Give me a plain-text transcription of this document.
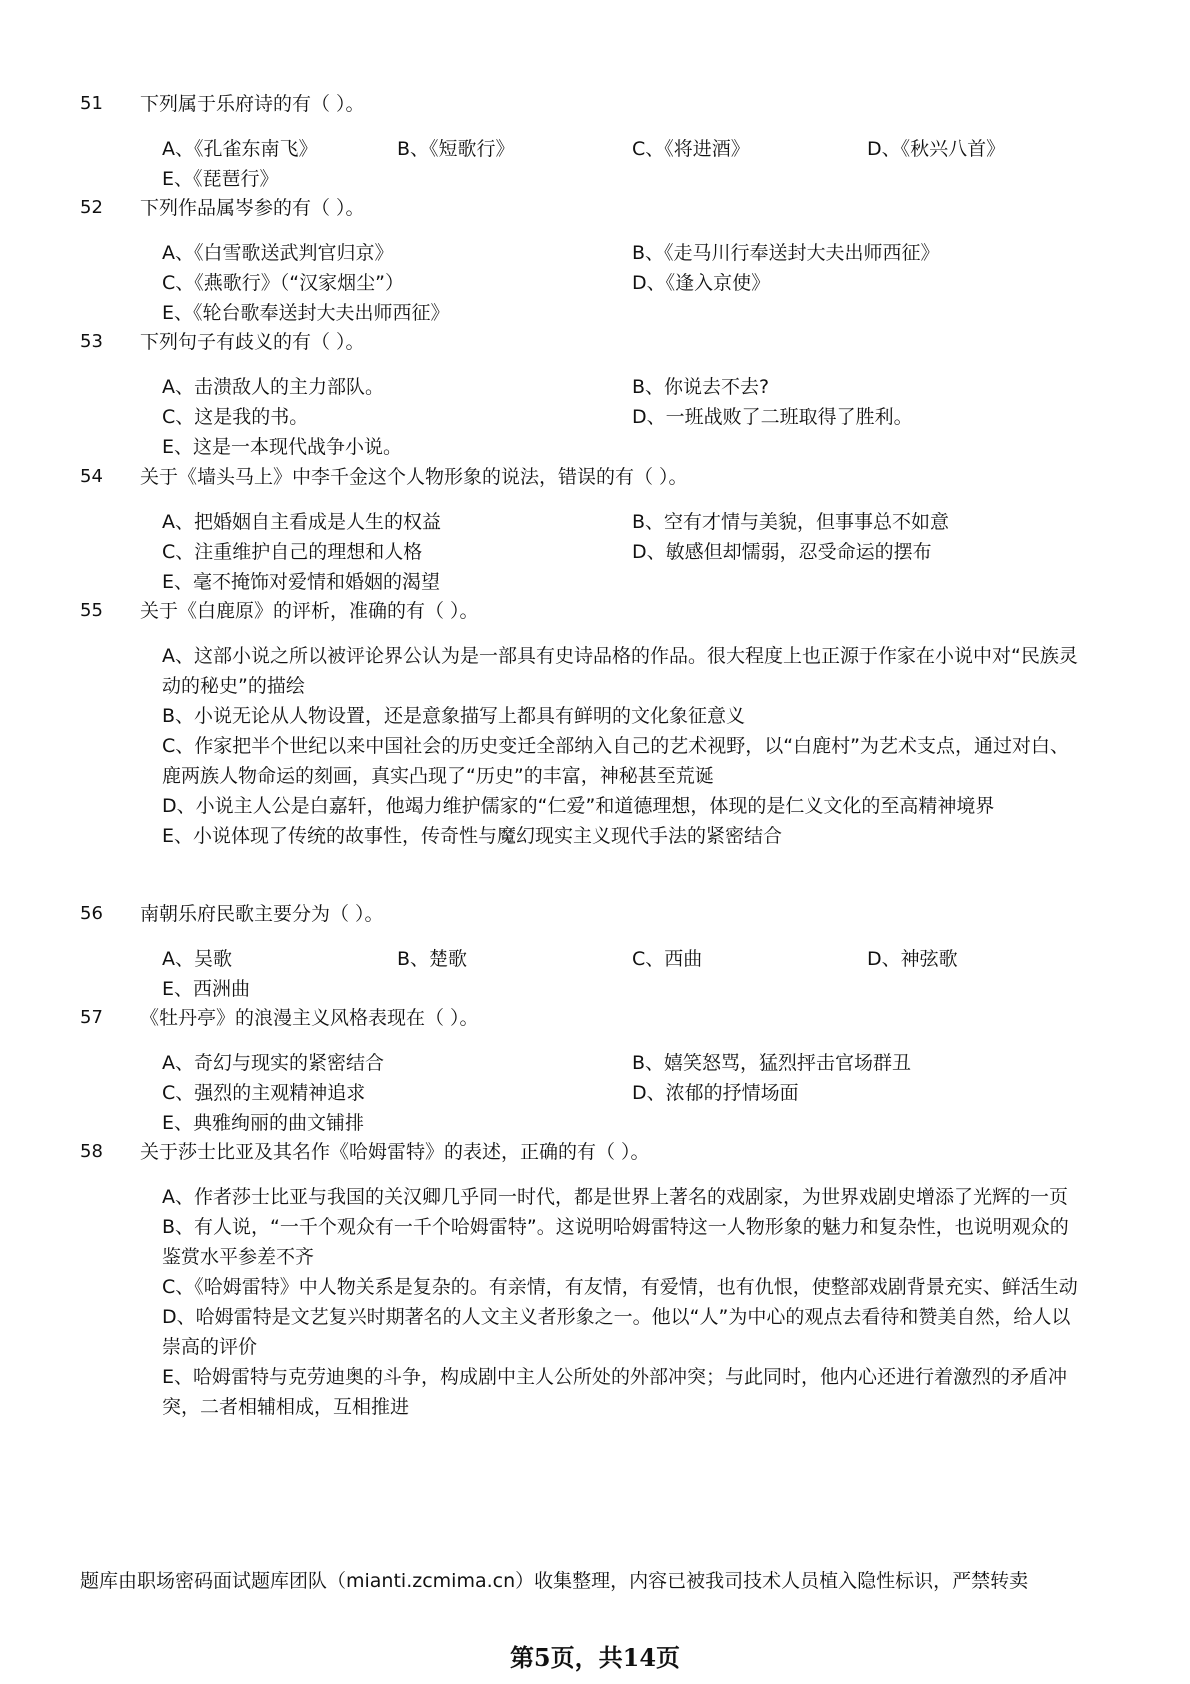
51 下列属于乐府诗的有（ ）。
A、《孔雀东南飞》	B、《短歌行》	C、《将进酒》	D、《秋兴八首》
E、《琵琶行》
52 下列作品属岑参的有（ ）。
A、《白雪歌送武判官归京》	B、《走马川行奉送封大夫出师西征》
C、《燕歌行》（“汉家烟尘”）	D、《逢入京使》
E、《轮台歌奉送封大夫出师西征》
53 下列句子有歧义的有（ ）。
A、击溃敌人的主力部队。	B、你说去不去?
C、这是我的书。	D、一班战败了二班取得了胜利。
E、这是一本现代战争小说。
54 关于《墙头马上》中李千金这个人物形象的说法，错误的有（ ）。
A、把婚姻自主看成是人生的权益	B、空有才情与美貌，但事事总不如意
C、注重维护自己的理想和人格	D、敏感但却懦弱，忍受命运的摆布
E、毫不掩饰对爱情和婚姻的渴望
55 关于《白鹿原》的评析，准确的有（ ）。
A、这部小说之所以被评论界公认为是一部具有史诗品格的作品。很大程度上也正源于作家在小说中对“民族灵动的秘史”的描绘
B、小说无论从人物设置，还是意象描写上都具有鲜明的文化象征意义
C、作家把半个世纪以来中国社会的历史变迁全部纳入自己的艺术视野，以“白鹿村”为艺术支点，通过对白、鹿两族人物命运的刻画，真实凸现了“历史”的丰富，神秘甚至荒诞
D、小说主人公是白嘉轩，他竭力维护儒家的“仁爱”和道德理想，体现的是仁义文化的至高精神境界
E、小说体现了传统的故事性，传奇性与魔幻现实主义现代手法的紧密结合
56 南朝乐府民歌主要分为（ ）。
A、吴歌	B、楚歌	C、西曲	D、神弦歌
E、西洲曲
57 《牡丹亭》的浪漫主义风格表现在（ ）。
A、奇幻与现实的紧密结合	B、嬉笑怒骂，猛烈抨击官场群丑
C、强烈的主观精神追求	D、浓郁的抒情场面
E、典雅绚丽的曲文铺排
58 关于莎士比亚及其名作《哈姆雷特》的表述，正确的有（ ）。
A、作者莎士比亚与我国的关汉卿几乎同一时代，都是世界上著名的戏剧家，为世界戏剧史增添了光辉的一页
B、有人说，“一千个观众有一千个哈姆雷特”。这说明哈姆雷特这一人物形象的魅力和复杂性，也说明观众的鉴赏水平参差不齐
C、《哈姆雷特》中人物关系是复杂的。有亲情，有友情，有爱情，也有仇恨，使整部戏剧背景充实、鲜活生动
D、哈姆雷特是文艺复兴时期著名的人文主义者形象之一。他以“人”为中心的观点去看待和赞美自然，给人以崇高的评价
E、哈姆雷特与克劳迪奥的斗争，构成剧中主人公所处的外部冲突；与此同时，他内心还进行着激烈的矛盾冲突，二者相辅相成，互相推进
题库由职场密码面试题库团队（mianti.zcmima.cn）收集整理，内容已被我司技术人员植入隐性标识，严禁转卖
第5页，共14页
